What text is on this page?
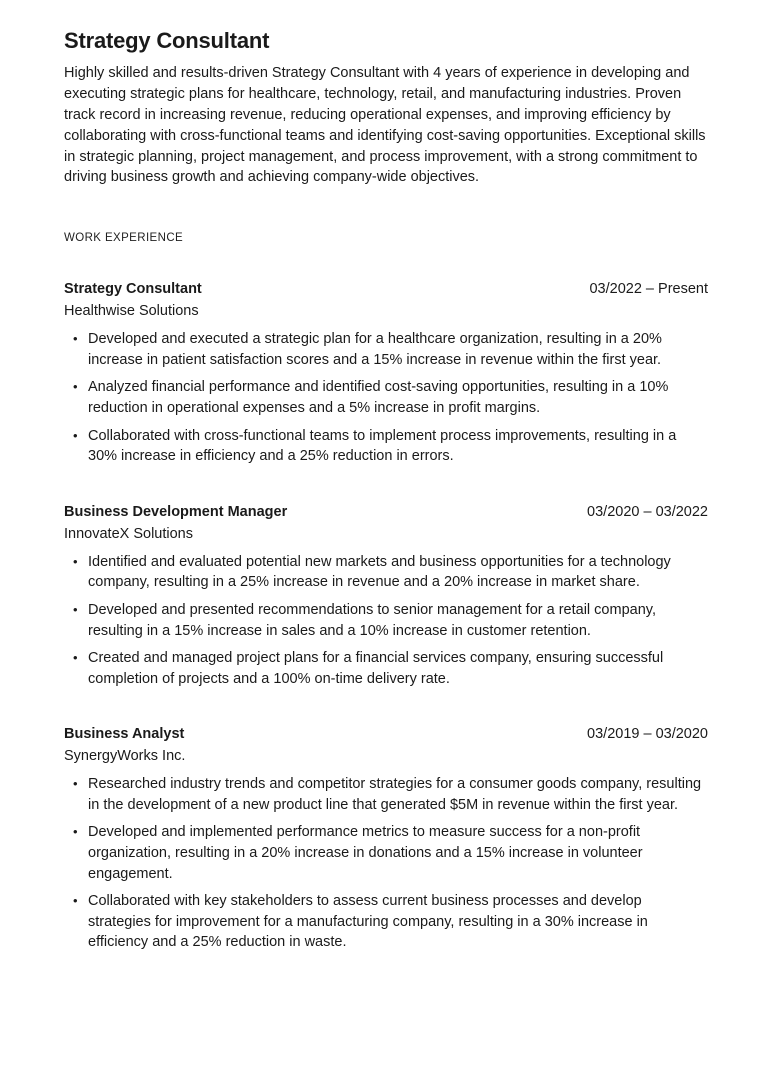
Strategy Consultant

Highly skilled and results-driven Strategy Consultant with 4 years of experience in developing and executing strategic plans for healthcare, technology, retail, and manufacturing industries. Proven track record in increasing revenue, reducing operational expenses, and improving efficiency by collaborating with cross-functional teams and identifying cost-saving opportunities. Exceptional skills in strategic planning, project management, and process improvement, with a strong commitment to driving business growth and achieving company-wide objectives.

WORK EXPERIENCE
Strategy Consultant	03/2022 – Present
Healthwise Solutions
• Developed and executed a strategic plan for a healthcare organization, resulting in a 20% increase in patient satisfaction scores and a 15% increase in revenue within the first year.
• Analyzed financial performance and identified cost-saving opportunities, resulting in a 10% reduction in operational expenses and a 5% increase in profit margins.
• Collaborated with cross-functional teams to implement process improvements, resulting in a 30% increase in efficiency and a 25% reduction in errors.
Business Development Manager	03/2020 – 03/2022
InnovateX Solutions
• Identified and evaluated potential new markets and business opportunities for a technology company, resulting in a 25% increase in revenue and a 20% increase in market share.
• Developed and presented recommendations to senior management for a retail company, resulting in a 15% increase in sales and a 10% increase in customer retention.
• Created and managed project plans for a financial services company, ensuring successful completion of projects and a 100% on-time delivery rate.
Business Analyst	03/2019 – 03/2020
SynergyWorks Inc.
• Researched industry trends and competitor strategies for a consumer goods company, resulting in the development of a new product line that generated $5M in revenue within the first year.
• Developed and implemented performance metrics to measure success for a non-profit organization, resulting in a 20% increase in donations and a 15% increase in volunteer engagement.
• Collaborated with key stakeholders to assess current business processes and develop strategies for improvement for a manufacturing company, resulting in a 30% increase in efficiency and a 25% reduction in waste.
